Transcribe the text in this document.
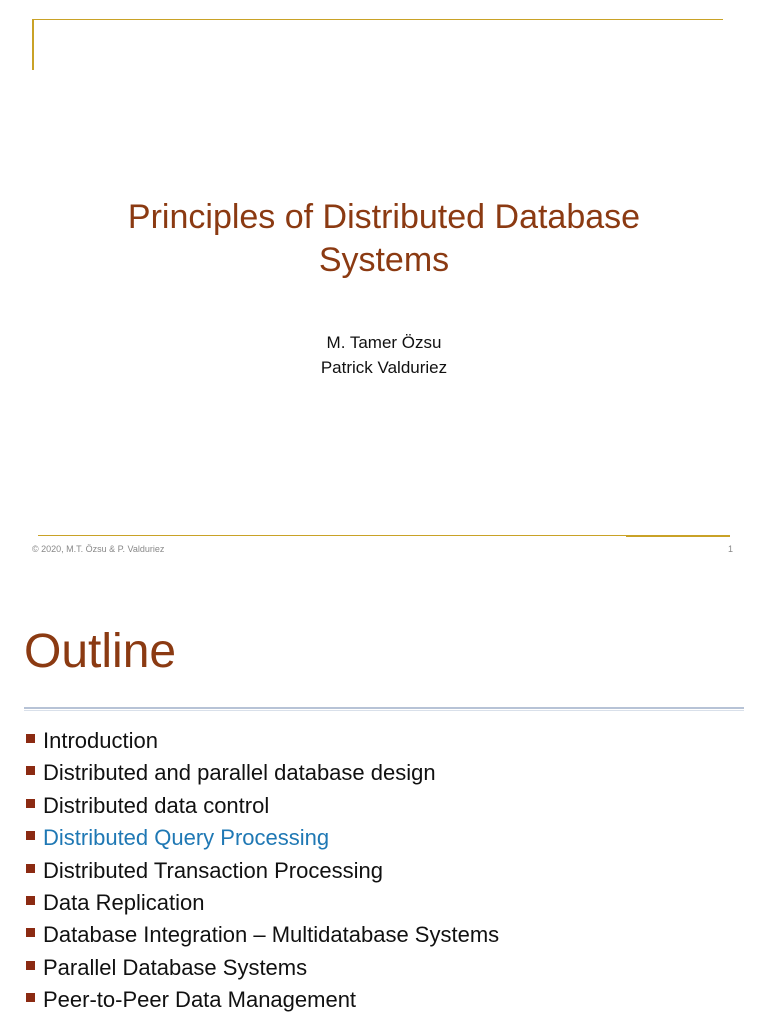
Principles of Distributed Database Systems
M. Tamer Özsu
Patrick Valduriez
© 2020, M.T. Özsu & P. Valduriez	1
Outline
Introduction
Distributed and parallel database design
Distributed data control
Distributed Query Processing
Distributed Transaction Processing
Data Replication
Database Integration – Multidatabase Systems
Parallel Database Systems
Peer-to-Peer Data Management
